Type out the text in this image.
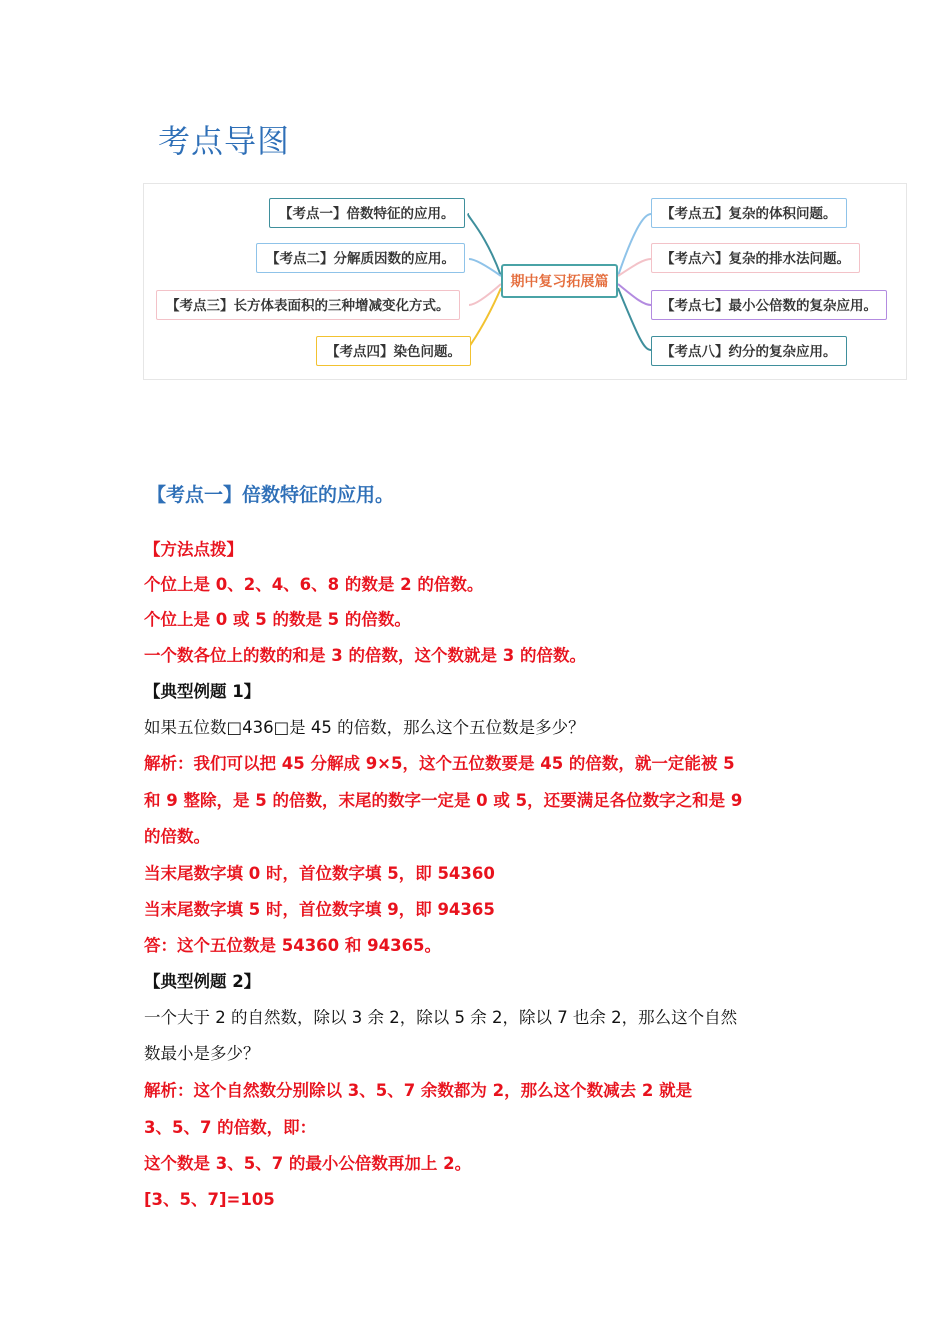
考点导图
【考点一】倍数特征的应用。
【考点二】分解质因数的应用。
【考点三】长方体表面积的三种增减变化方式。
【考点四】染色问题。
期中复习拓展篇
【考点五】复杂的体积问题。
【考点六】复杂的排水法问题。
【考点七】最小公倍数的复杂应用。
【考点八】约分的复杂应用。
【考点一】倍数特征的应用。
【方法点拨】
个位上是 0、2、4、6、8 的数是 2 的倍数。
个位上是 0 或 5 的数是 5 的倍数。
一个数各位上的数的和是 3 的倍数，这个数就是 3 的倍数。
【典型例题 1】
如果五位数□436□是 45 的倍数，那么这个五位数是多少？
解析：我们可以把 45 分解成 9×5，这个五位数要是 45 的倍数，就一定能被 5
和 9 整除，是 5 的倍数，末尾的数字一定是 0 或 5，还要满足各位数字之和是 9
的倍数。
当末尾数字填 0 时，首位数字填 5，即 54360
当末尾数字填 5 时，首位数字填 9，即 94365
答：这个五位数是 54360 和 94365。
【典型例题 2】
一个大于 2 的自然数，除以 3 余 2，除以 5 余 2，除以 7 也余 2，那么这个自然
数最小是多少？
解析：这个自然数分别除以 3、5、7 余数都为 2，那么这个数减去 2 就是
3、5、7 的倍数，即：
这个数是 3、5、7 的最小公倍数再加上 2。
[3、5、7]=105
